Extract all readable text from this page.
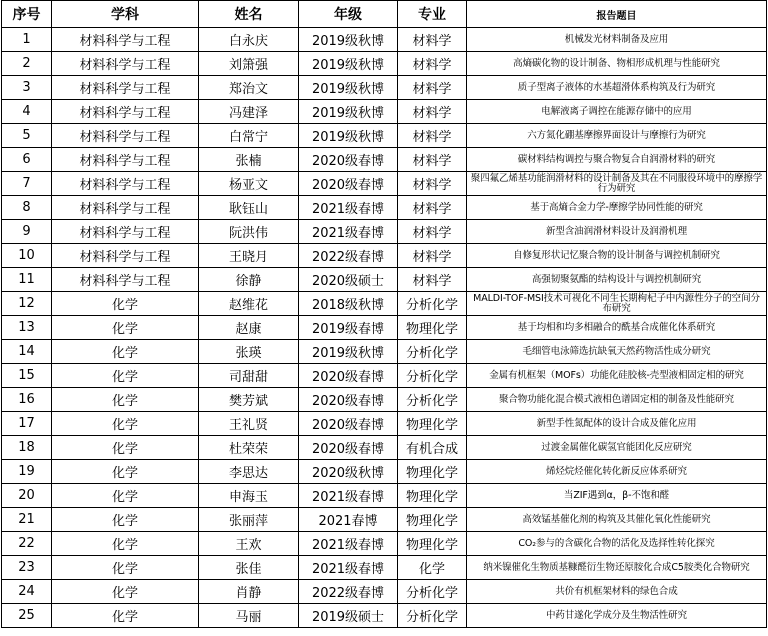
序号	学科	姓名	年级	专业	报告题目
1	材料科学与工程	白永庆	2019级秋博	材料学	机械发光材料制备及应用
2	材料科学与工程	刘箫强	2019级秋博	材料学	高熵碳化物的设计制备、物相形成机理与性能研究
3	材料科学与工程	郑治文	2019级秋博	材料学	质子型离子液体的水基超滑体系构筑及行为研究
4	材料科学与工程	冯建泽	2019级秋博	材料学	电解液离子调控在能源存储中的应用
5	材料科学与工程	白常宁	2019级秋博	材料学	六方氮化硼基摩擦界面设计与摩擦行为研究
6	材料科学与工程	张楠	2020级春博	材料学	碳材料结构调控与聚合物复合自润滑材料的研究
7	材料科学与工程	杨亚文	2020级春博	材料学	聚四氟乙烯基功能润滑材料的设计制备及其在不同服役环境中的摩擦学行为研究
8	材料科学与工程	耿钰山	2021级春博	材料学	基于高熵合金力学-摩擦学协同性能的研究
9	材料科学与工程	阮洪伟	2021级春博	材料学	新型含油润滑材料设计及润滑机理
10	材料科学与工程	王晓月	2022级春博	材料学	自修复形状记忆聚合物的设计制备与调控机制研究
11	材料科学与工程	徐静	2020级硕士	材料学	高强韧聚氨酯的结构设计与调控机制研究
12	化学	赵维花	2018级秋博	分析化学	MALDI-TOF-MSI技术可视化不同生长期枸杞子中内源性分子的空间分布研究
13	化学	赵康	2019级春博	物理化学	基于均相和均多相融合的酰基合成催化体系研究
14	化学	张瑛	2019级秋博	分析化学	毛细管电泳筛选抗缺氧天然药物活性成分研究
15	化学	司甜甜	2020级春博	分析化学	金属有机框架（MOFs）功能化硅胶核-壳型液相固定相的研究
16	化学	樊芳斌	2020级春博	分析化学	聚合物功能化混合模式液相色谱固定相的制备及性能研究
17	化学	王礼贤	2020级春博	物理化学	新型手性氮配体的设计合成及催化应用
18	化学	杜荣荣	2020级春博	有机合成	过渡金属催化碳氢官能团化反应研究
19	化学	李思达	2020级秋博	物理化学	烯烃烷烃催化转化新反应体系研究
20	化学	申海玉	2021级春博	物理化学	当ZIF遇到α，β-不饱和醛
21	化学	张丽萍	2021春博	物理化学	高效锰基催化剂的构筑及其催化氧化性能研究
22	化学	王欢	2021级春博	物理化学	CO₂参与的含碳化合物的活化及选择性转化探究
23	化学	张佳	2021级春博	化学	纳米镍催化生物质基糠醛衍生物还原胺化合成C5胺类化合物研究
24	化学	肖静	2022级春博	分析化学	共价有机框架材料的绿色合成
25	化学	马丽	2019级硕士	分析化学	中药甘遂化学成分及生物活性研究
